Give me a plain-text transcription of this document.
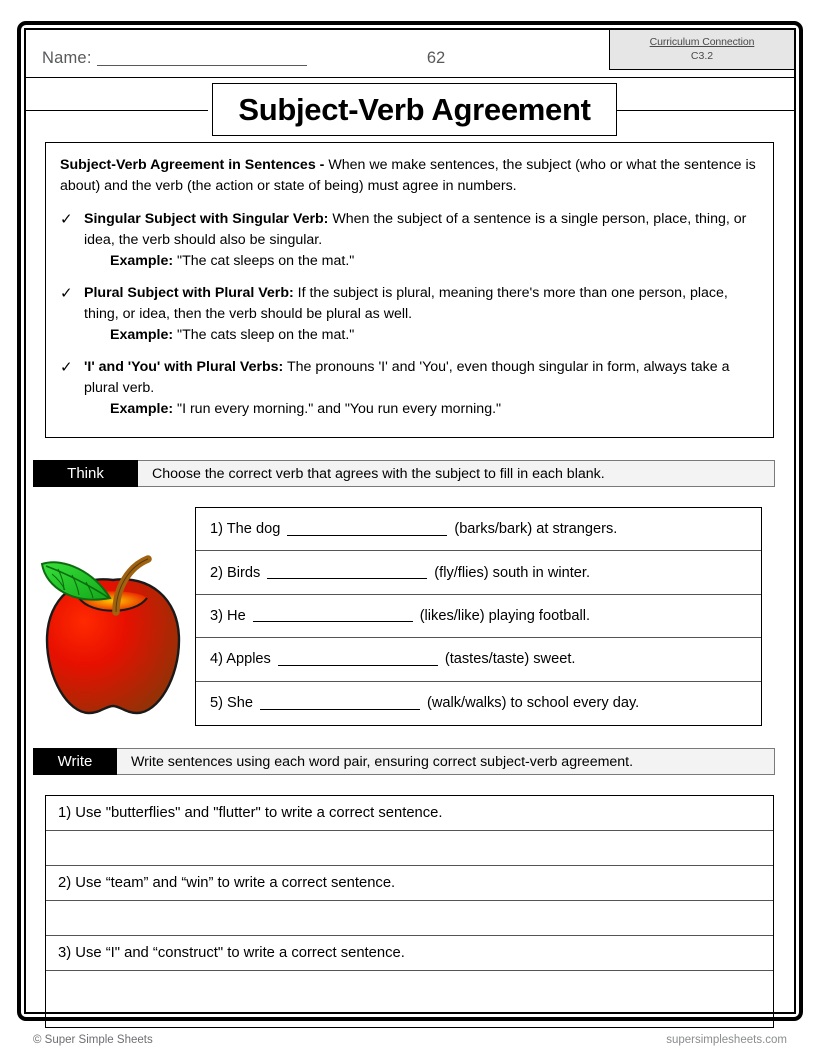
Name:	62
Curriculum Connection
C3.2
Subject-Verb Agreement

Subject-Verb Agreement in Sentences - When we make sentences, the subject (who or what the sentence is about) and the verb (the action or state of being) must agree in numbers.

✓ Singular Subject with Singular Verb: When the subject of a sentence is a single person, place, thing, or idea, the verb should also be singular.
Example: "The cat sleeps on the mat."
✓ Plural Subject with Plural Verb: If the subject is plural, meaning there's more than one person, place, thing, or idea, then the verb should be plural as well.
Example: "The cats sleep on the mat."
✓ 'I' and 'You' with Plural Verbs: The pronouns 'I' and 'You', even though singular in form, always take a plural verb.
Example: "I run every morning." and "You run every morning."
Think	Choose the correct verb that agrees with the subject to fill in each blank.
1) The dog	(barks/bark) at strangers.
2) Birds	(fly/flies) south in winter.
3) He	(likes/like) playing football.
4) Apples	(tastes/taste) sweet.
5) She	(walk/walks) to school every day.
Write	Write sentences using each word pair, ensuring correct subject-verb agreement.
1) Use "butterflies" and "flutter" to write a correct sentence.
2) Use “team” and “win” to write a correct sentence.
3) Use “I" and “construct" to write a correct sentence.
© Super Simple Sheets	supersimplesheets.com
